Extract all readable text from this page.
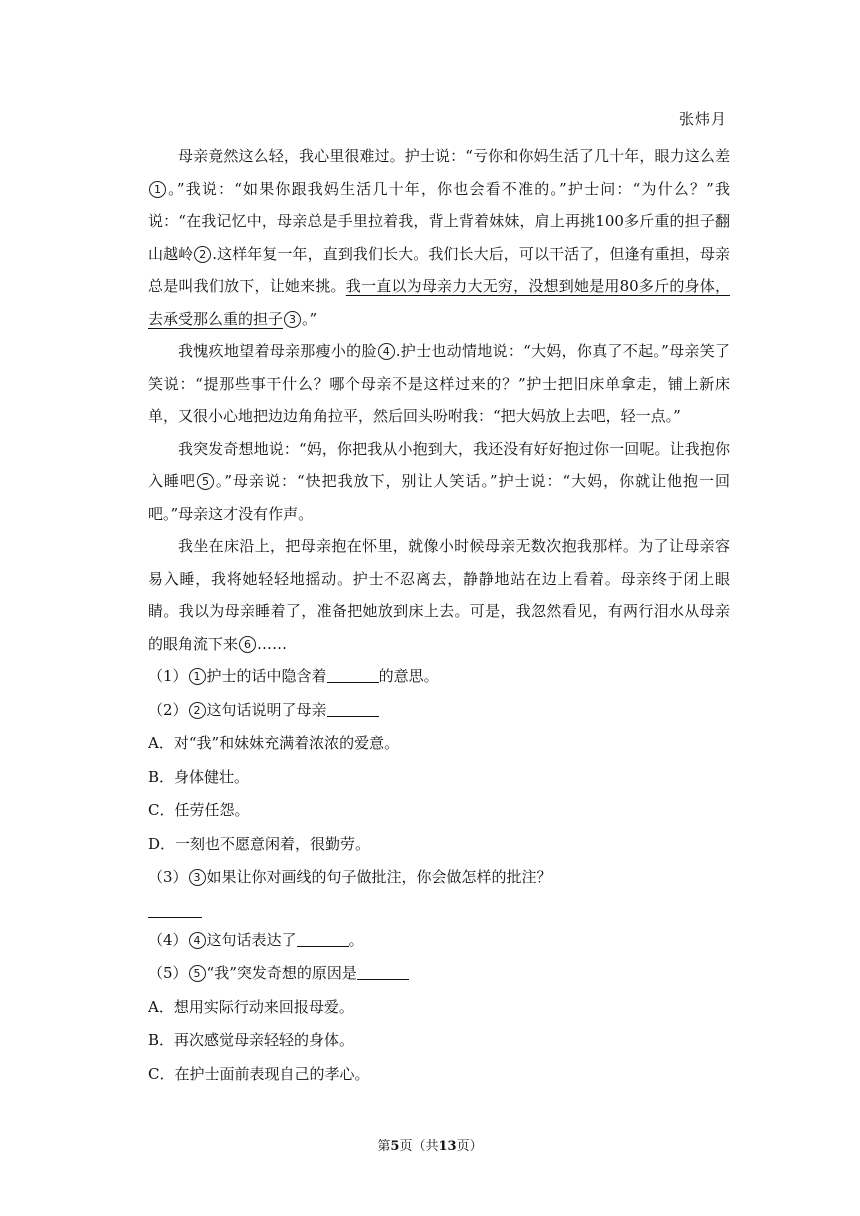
张炜月

母亲竟然这么轻，我心里很难过。护士说：“亏你和你妈生活了几十年，眼力这么差1 。”我说：“如果你跟我妈生活几十年，你也会看不准的。”护士问：“为什么？”我说：“在我记忆中，母亲总是手里拉着我，背上背着妹妹，肩上再挑100多斤重的担子翻山越岭 2 .这样年复一年，直到我们长大。我们长大后，可以干活了，但逢有重担，母亲总是叫我们放下，让她来挑。我一直以为母亲力大无穷，没想到她是用80多斤的身体，去承受那么重的担子 3 。”

我愧疚地望着母亲那瘦小的脸 4 .护士也动情地说：“大妈，你真了不起。”母亲笑了笑说：“提那些事干什么？哪个母亲不是这样过来的？”护士把旧床单拿走，铺上新床单，又很小心地把边边角角拉平，然后回头吩咐我：“把大妈放上去吧，轻一点。”

我突发奇想地说：“妈，你把我从小抱到大，我还没有好好抱过你一回呢。让我抱你入睡吧 5 。”母亲说：“快把我放下，别让人笑话。”护士说：“大妈，你就让他抱一回吧。”母亲这才没有作声。

我坐在床沿上，把母亲抱在怀里，就像小时候母亲无数次抱我那样。为了让母亲容易入睡，我将她轻轻地摇动。护士不忍离去，静静地站在边上看着。母亲终于闭上眼睛。我以为母亲睡着了，准备把她放到床上去。可是，我忽然看见，有两行泪水从母亲的眼角流下来 6 ……

（1） 1 护士的话中隐含着	的意思。

（2） 2 这句话说明了母亲

A．对“我”和妹妹充满着浓浓的爱意。

B．身体健壮。

C．任劳任怨。

D．一刻也不愿意闲着，很勤劳。

（3） 3 如果让你对画线的句子做批注，你会做怎样的批注？

（4） 4 这句话表达了	。

（5） 5 “我”突发奇想的原因是

A．想用实际行动来回报母爱。

B．再次感觉母亲轻轻的身体。

C．在护士面前表现自己的孝心。

第5页（共13页）
